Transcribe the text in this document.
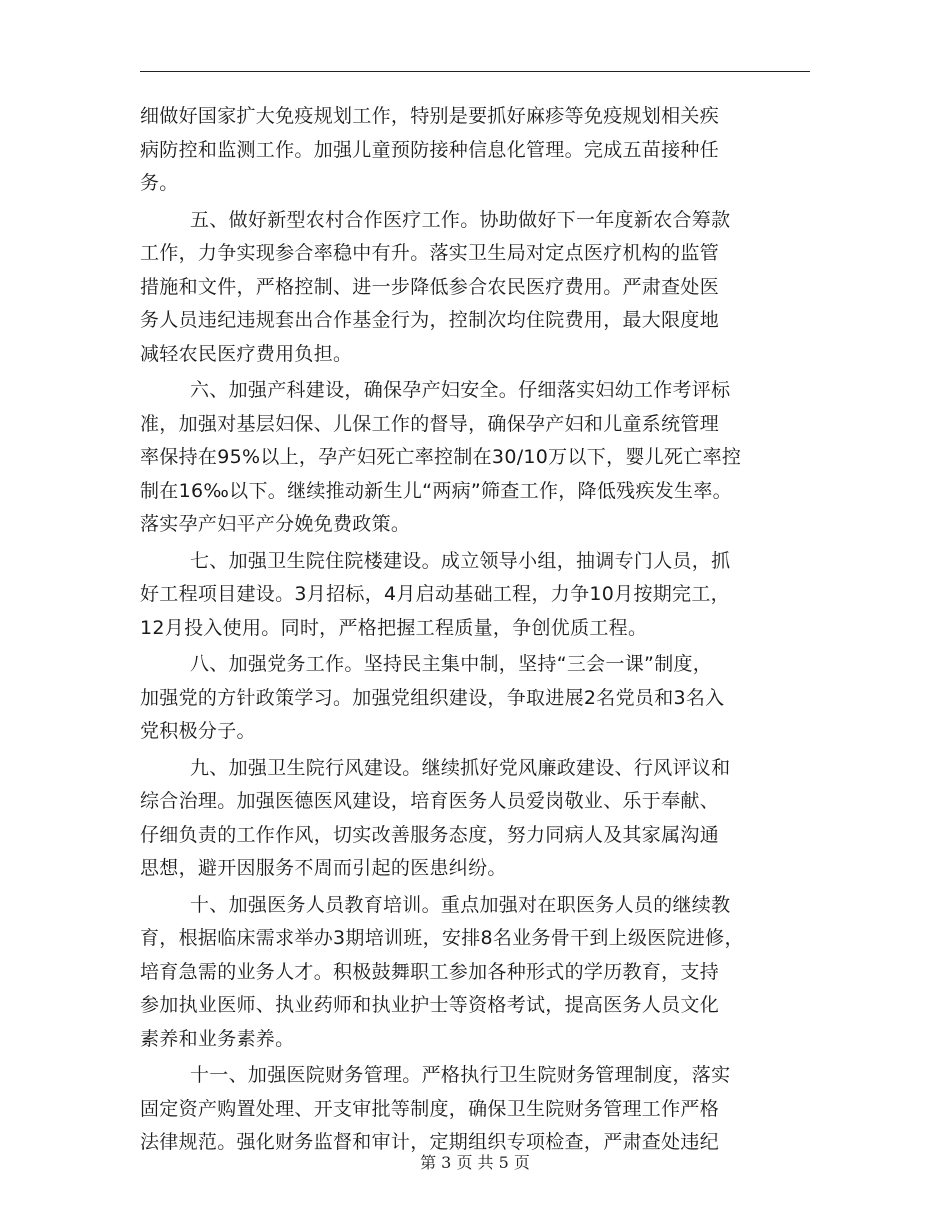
细做好国家扩大免疫规划工作，特别是要抓好麻疹等免疫规划相关疾
病防控和监测工作。加强儿童预防接种信息化管理。完成五苗接种任
务。
五、做好新型农村合作医疗工作。协助做好下一年度新农合筹款
工作，力争实现参合率稳中有升。落实卫生局对定点医疗机构的监管
措施和文件，严格控制、进一步降低参合农民医疗费用。严肃查处医
务人员违纪违规套出合作基金行为，控制次均住院费用，最大限度地
减轻农民医疗费用负担。
六、加强产科建设，确保孕产妇安全。仔细落实妇幼工作考评标
准，加强对基层妇保、儿保工作的督导，确保孕产妇和儿童系统管理
率保持在95%以上，孕产妇死亡率控制在30/10万以下，婴儿死亡率控
制在16‰以下。继续推动新生儿“两病”筛查工作，降低残疾发生率。
落实孕产妇平产分娩免费政策。
七、加强卫生院住院楼建设。成立领导小组，抽调专门人员，抓
好工程项目建设。3月招标，4月启动基础工程，力争10月按期完工，
12月投入使用。同时，严格把握工程质量，争创优质工程。
八、加强党务工作。坚持民主集中制，坚持“三会一课”制度，
加强党的方针政策学习。加强党组织建设，争取进展2名党员和3名入
党积极分子。
九、加强卫生院行风建设。继续抓好党风廉政建设、行风评议和
综合治理。加强医德医风建设，培育医务人员爱岗敬业、乐于奉献、
仔细负责的工作作风，切实改善服务态度，努力同病人及其家属沟通
思想，避开因服务不周而引起的医患纠纷。
十、加强医务人员教育培训。重点加强对在职医务人员的继续教
育，根据临床需求举办3期培训班，安排8名业务骨干到上级医院进修，
培育急需的业务人才。积极鼓舞职工参加各种形式的学历教育，支持
参加执业医师、执业药师和执业护士等资格考试，提高医务人员文化
素养和业务素养。
十一、加强医院财务管理。严格执行卫生院财务管理制度，落实
固定资产购置处理、开支审批等制度，确保卫生院财务管理工作严格
法律规范。强化财务监督和审计，定期组织专项检查，严肃查处违纪
第 3 页 共 5 页
